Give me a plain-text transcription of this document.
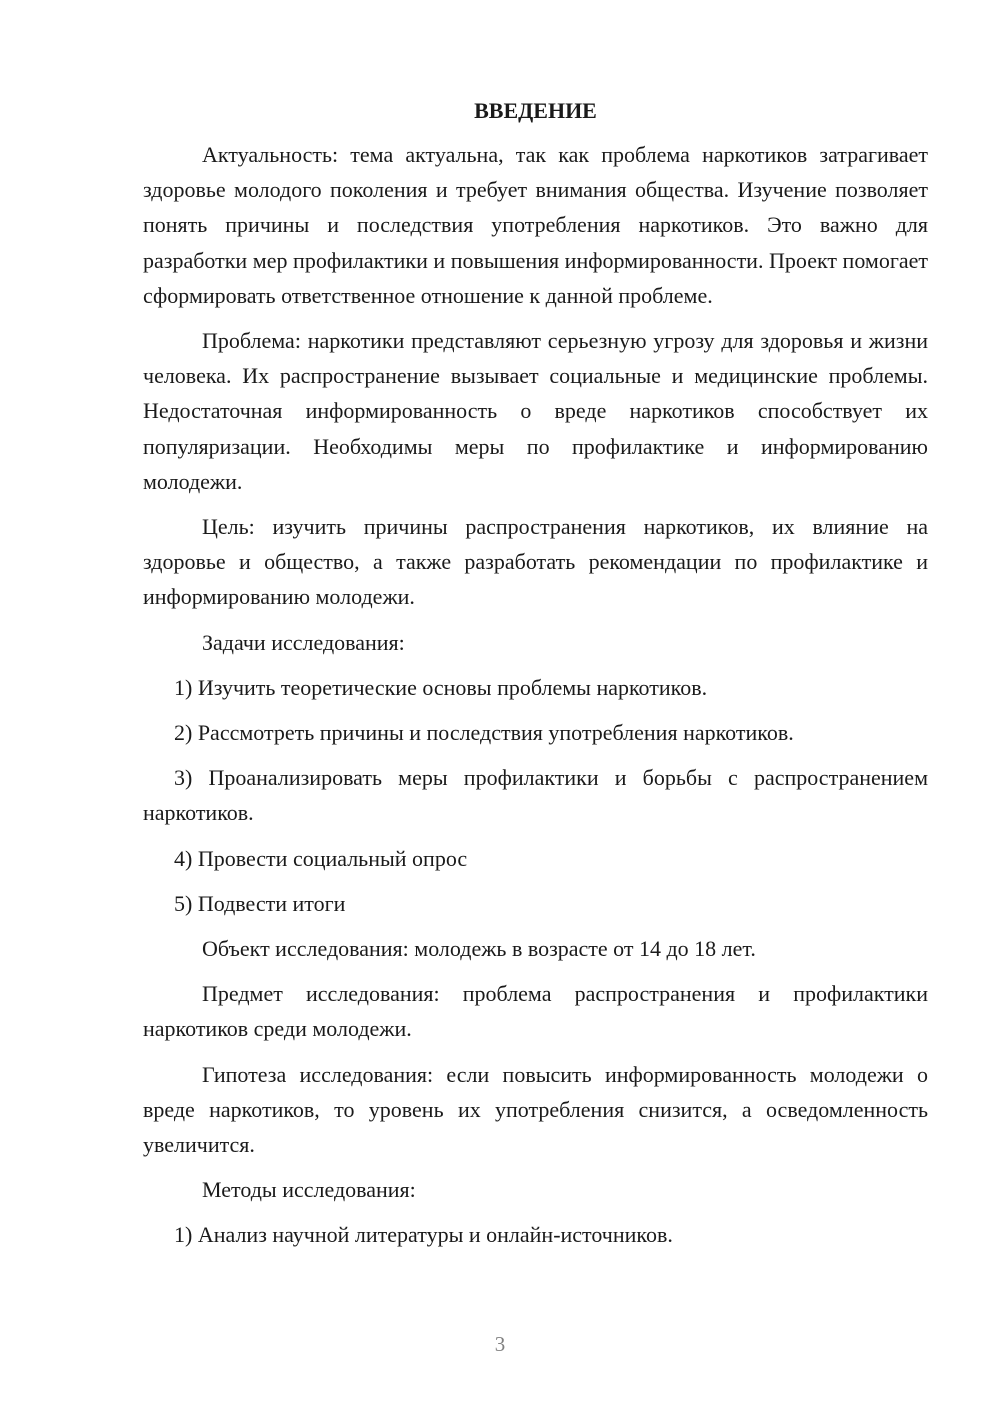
ВВЕДЕНИЕ

Актуальность: тема актуальна, так как проблема наркотиков затрагивает здоровье молодого поколения и требует внимания общества. Изучение позволяет понять причины и последствия употребления наркотиков. Это важно для разработки мер профилактики и повышения информированности. Проект помогает сформировать ответственное отношение к данной проблеме.

Проблема: наркотики представляют серьезную угрозу для здоровья и жизни человека. Их распространение вызывает социальные и медицинские проблемы. Недостаточная информированность о вреде наркотиков способствует их популяризации. Необходимы меры по профилактике и информированию молодежи.

Цель: изучить причины распространения наркотиков, их влияние на здоровье и общество, а также разработать рекомендации по профилактике и информированию молодежи.

Задачи исследования:

1) Изучить теоретические основы проблемы наркотиков.

2) Рассмотреть причины и последствия употребления наркотиков.

3) Проанализировать меры профилактики и борьбы с распространением наркотиков.

4) Провести социальный опрос

5) Подвести итоги

Объект исследования: молодежь в возрасте от 14 до 18 лет.

Предмет исследования: проблема распространения и профилактики наркотиков среди молодежи.

Гипотеза исследования: если повысить информированность молодежи о вреде наркотиков, то уровень их употребления снизится, а осведомленность увеличится.

Методы исследования:

1) Анализ научной литературы и онлайн-источников.

3
